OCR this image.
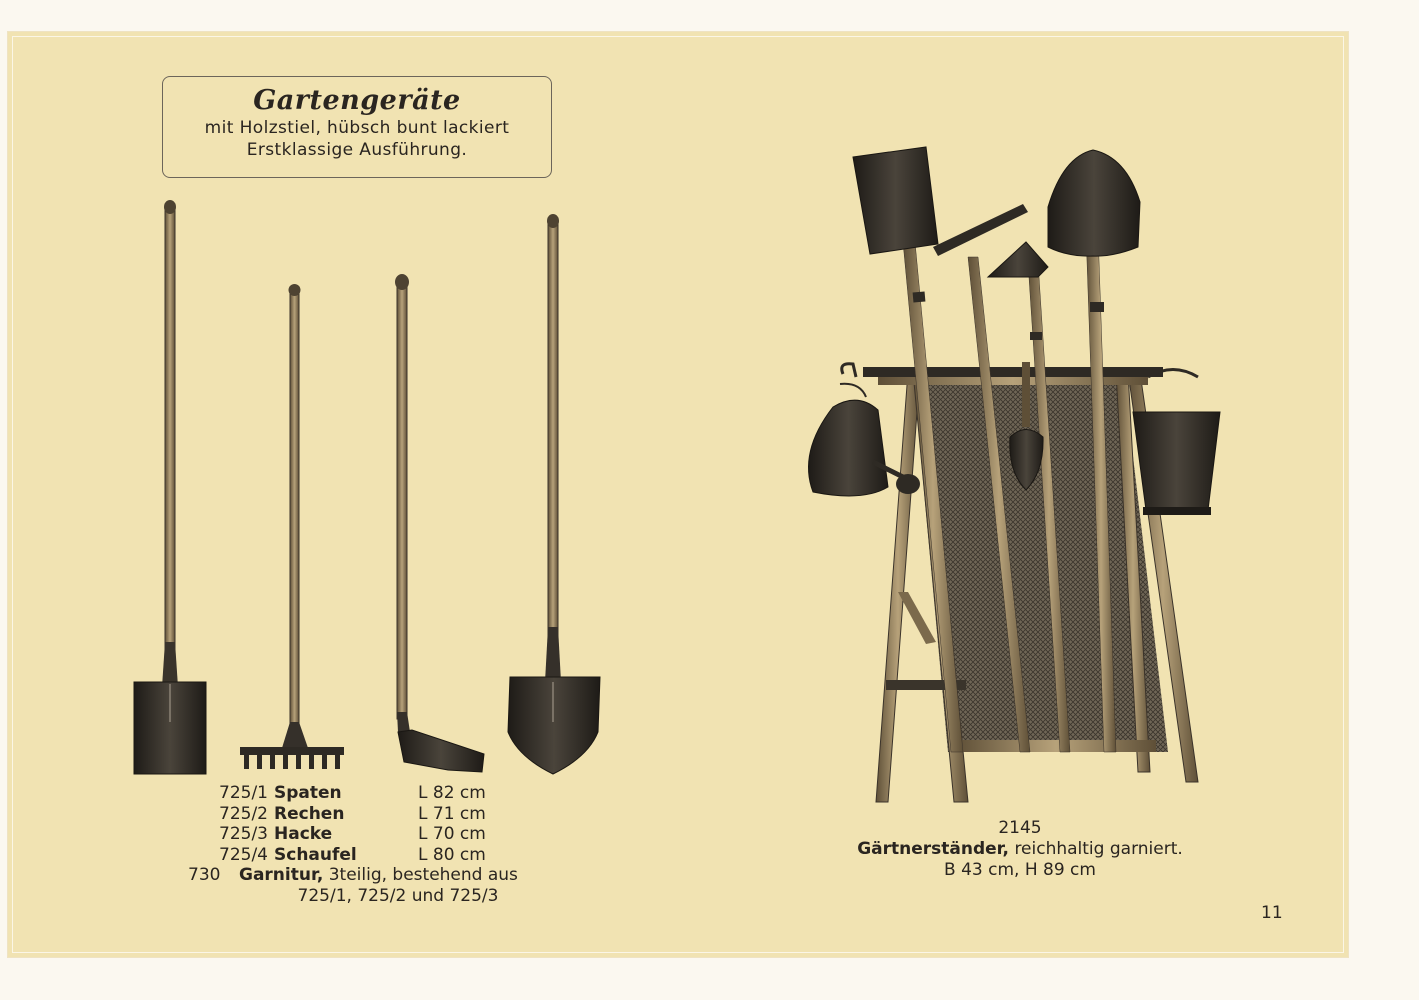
Gartengeräte
mit Holzstiel, hübsch bunt lackiert
Erstklassige Ausführung.
725/1 Spaten	L 82 cm
725/2 Rechen	L 71 cm
725/3 Hacke	L 70 cm
725/4 Schaufel	L 80 cm
730 Garnitur, 3teilig, bestehend aus
725/1, 725/2 und 725/3
2145
Gärtnerständer, reichhaltig garniert.
B 43 cm, H 89 cm
11
